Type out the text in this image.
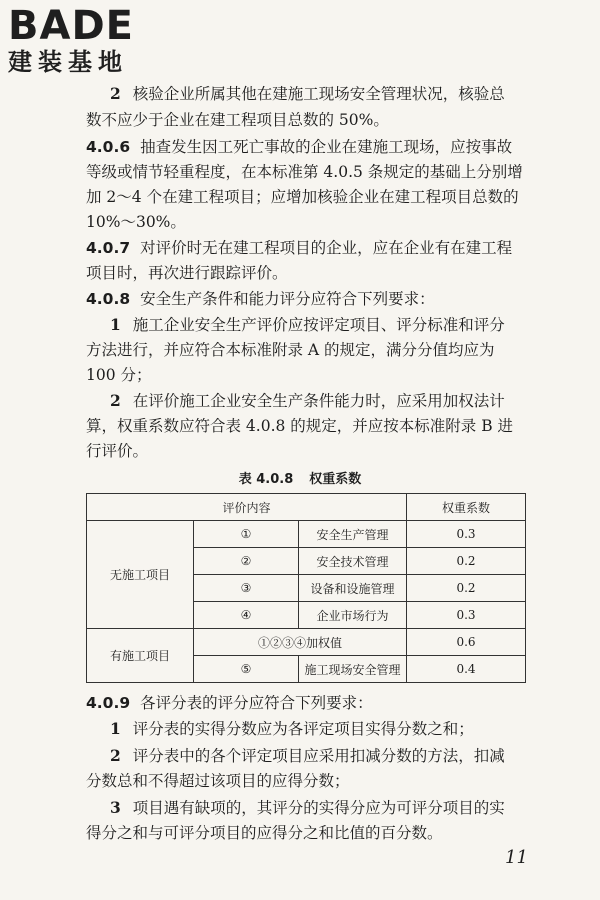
BADE
建装基地
2 核验企业所属其他在建施工现场安全管理状况，核验总
数不应少于企业在建工程项目总数的 50%。
4.0.6 抽查发生因工死亡事故的企业在建施工现场，应按事故
等级或情节轻重程度，在本标准第 4.0.5 条规定的基础上分别增
加 2～4 个在建工程项目；应增加核验企业在建工程项目总数的
10%～30%。
4.0.7 对评价时无在建工程项目的企业，应在企业有在建工程
项目时，再次进行跟踪评价。
4.0.8 安全生产条件和能力评分应符合下列要求：
1 施工企业安全生产评价应按评定项目、评分标准和评分
方法进行，并应符合本标准附录 A 的规定，满分分值均应为
100 分；
2 在评价施工企业安全生产条件能力时，应采用加权法计
算，权重系数应符合表 4.0.8 的规定，并应按本标准附录 B 进
行评价。
表 4.0.8 权重系数
评价内容			权重系数
无施工项目	①	安全生产管理	0.3
	②	安全技术管理	0.2
	③	设备和设施管理	0.2
	④	企业市场行为	0.3
有施工项目	①②③④加权值		0.6
	⑤	施工现场安全管理	0.4
4.0.9 各评分表的评分应符合下列要求：
1 评分表的实得分数应为各评定项目实得分数之和；
2 评分表中的各个评定项目应采用扣减分数的方法，扣减
分数总和不得超过该项目的应得分数；
3 项目遇有缺项的，其评分的实得分应为可评分项目的实
得分之和与可评分项目的应得分之和比值的百分数。
11
